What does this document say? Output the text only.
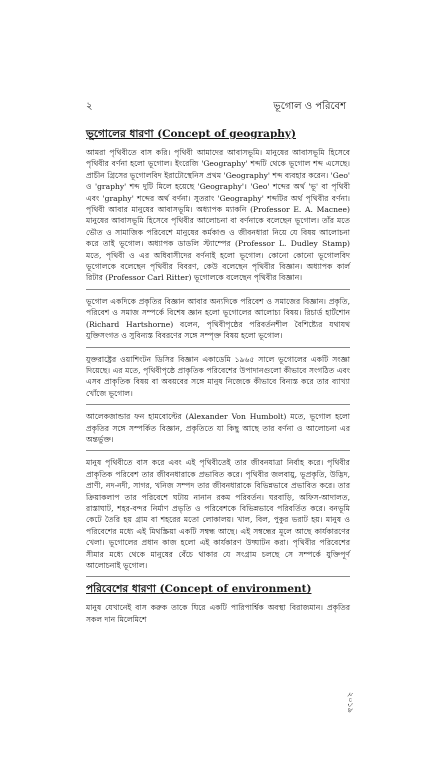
২	ভূগোল ও পরিবেশ
ভূগোলের ধারণা (Concept of geography)

আমরা পৃথিবীতে বাস করি। পৃথিবী আমাদের আবাসভূমি। মানুষের আবাসভূমি হিসেবে পৃথিবীর বর্ণনা হলো ভূগোল। ইংরেজি 'Geography' শব্দটি থেকে ভূগোল শব্দ এসেছে। প্রাচীন গ্রিসের ভূগোলবিদ ইরাটোস্থেনিস প্রথম 'Geography' শব্দ ব্যবহার করেন। 'Geo' ও 'graphy' শব্দ দুটি মিলে হয়েছে 'Geography'। 'Geo' শব্দের অর্থ 'ভূ' বা পৃথিবী এবং 'graphy' শব্দের অর্থ বর্ণনা। সুতরাং 'Geography' শব্দটির অর্থ পৃথিবীর বর্ণনা। পৃথিবী আবার মানুষের আবাসভূমি। অধ্যাপক ম্যাকনি (Professor E. A. Macnee) মানুষের আবাসভূমি হিসেবে পৃথিবীর আলোচনা বা বর্ণনাকে বলেছেন ভূগোল। তাঁর মতে ভৌত ও সামাজিক পরিবেশে মানুষের কর্মকাণ্ড ও জীবনধারা নিয়ে যে বিষয় আলোচনা করে তাই ভূগোল। অধ্যাপক ডাডলি স্ট্যাম্পের (Professor L. Dudley Stamp) মতে, পৃথিবী ও এর অধিবাসীদের বর্ণনাই হলো ভূগোল। কোনো কোনো ভূগোলবিদ ভূগোলকে বলেছেন পৃথিবীর বিবরণ, কেউ বলেছেন পৃথিবীর বিজ্ঞান। অধ্যাপক কার্ল রিটার (Professor Carl Ritter) ভূগোলকে বলেছেন পৃথিবীর বিজ্ঞান।

ভূগোল একদিকে প্রকৃতির বিজ্ঞান আবার অন্যদিকে পরিবেশ ও সমাজের বিজ্ঞান। প্রকৃতি, পরিবেশ ও সমাজ সম্পর্কে বিশেষ জ্ঞান হলো ভূগোলের আলোচ্য বিষয়। রিচার্ড হার্টশোন (Richard Hartshorne) বলেন, পৃথিবীপৃষ্ঠের পরিবর্তনশীল বৈশিষ্ট্যের যথাযথ যুক্তিসংগত ও সুবিন্যস্ত বিবরণের সঙ্গে সম্পৃক্ত বিষয় হলো ভূগোল।

যুক্তরাষ্ট্রের ওয়াশিংটন ডিসির বিজ্ঞান একাডেমি ১৯৬৫ সালে ভূগোলের একটি সংজ্ঞা দিয়েছে। এর মতে, পৃথিবীপৃষ্ঠে প্রাকৃতিক পরিবেশের উপাদানগুলো কীভাবে সংগঠিত এবং এসব প্রাকৃতিক বিষয় বা অবয়বের সঙ্গে মানুষ নিজেকে কীভাবে বিন্যস্ত করে তার ব্যাখ্যা খোঁজে ভূগোল।

আলেকজান্ডার ফন হামবোল্টের (Alexander Von Humbolt) মতে, ভূগোল হলো প্রকৃতির সঙ্গে সম্পর্কিত বিজ্ঞান, প্রকৃতিতে যা কিছু আছে তার বর্ণনা ও আলোচনা এর অন্তর্ভুক্ত।

মানুষ পৃথিবীতে বাস করে এবং এই পৃথিবীতেই তার জীবনযাত্রা নির্বাহ করে। পৃথিবীর প্রাকৃতিক পরিবেশ তার জীবনধারাকে প্রভাবিত করে। পৃথিবীর জলবায়ু, ভূপ্রকৃতি, উদ্ভিদ, প্রাণী, নদ-নদী, সাগর, খনিজ সম্পদ তার জীবনধারাকে বিভিন্নভাবে প্রভাবিত করে। তার ক্রিয়াকলাপ তার পরিবেশে ঘটায় নানান রকম পরিবর্তন। ঘরবাড়ি, অফিস-আদালত, রাস্তাঘাট, শহর-বন্দর নির্মাণ প্রভৃতি ও পরিবেশকে বিভিন্নভাবে পরিবর্তিত করে। বনভূমি কেটে তৈরি হয় গ্রাম বা শহরের মতো লোকালয়। খাল, বিল, পুকুর ভরাট হয়। মানুষ ও পরিবেশের মধ্যে এই মিথস্ক্রিয়া একটি সম্বন্ধ আছে। এই সম্বন্ধের মূলে আছে কার্যকারণের খেলা। ভূগোলের প্রধান কাজ হলো এই কার্যকারণ উদ্ঘাটন করা। পৃথিবীর পরিবেশের সীমার মধ্যে থেকে মানুষের বেঁচে থাকার যে সংগ্রাম চলছে সে সম্পর্কে যুক্তিপূর্ণ আলোচনাই ভূগোল।

পরিবেশের ধারণা (Concept of environment)

মানুষ যেখানেই বাস করুক তাকে ঘিরে একটি পারিপার্শ্বিক অবস্থা বিরাজমান। প্রকৃতির সকল দান মিলেমিশে

২০১৯
